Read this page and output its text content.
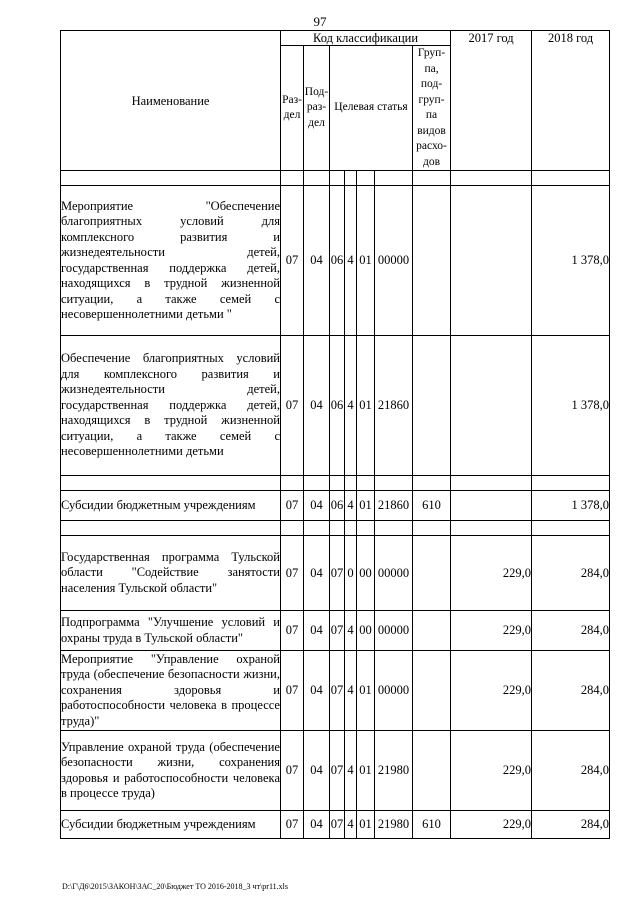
97
Наименование	Код классификации							2017 год	2018 год
	Раз-дел	Под-раз-дел	Целевая статья				Груп-па, под-груп-па видов расхо-дов		

Мероприятие "Обеспечение благоприятных условий для комплексного развития и жизнедеятельности детей, государственная поддержка детей, находящихся в трудной жизненной ситуации, а также семей с несовершеннолетними детьми "	07	04	06	4	01	00000			1 378,0
Обеспечение благоприятных условий для комплексного развития и жизнедеятельности детей, государственная поддержка детей, находящихся в трудной жизненной ситуации, а также семей с несовершеннолетними детьми	07	04	06	4	01	21860			1 378,0

Субсидии бюджетным учреждениям	07	04	06	4	01	21860	610		1 378,0

Государственная программа Тульской области "Содействие занятости населения Тульской области"	07	04	07	0	00	00000		229,0	284,0
Подпрограмма "Улучшение условий и охраны труда в Тульской области"	07	04	07	4	00	00000		229,0	284,0
Мероприятие "Управление охраной труда (обеспечение безопасности жизни, сохранения здоровья и работоспособности человека в процессе труда)"	07	04	07	4	01	00000		229,0	284,0
Управление охраной труда (обеспечение безопасности жизни, сохранения здоровья и работоспособности человека в процессе труда)	07	04	07	4	01	21980		229,0	284,0
Субсидии бюджетным учреждениям	07	04	07	4	01	21980	610	229,0	284,0
D:\Г\Д6\2015\ЗАКОН\ЗАС_20\Бюджет ТО 2016-2018_3 чт\pr11.xls
